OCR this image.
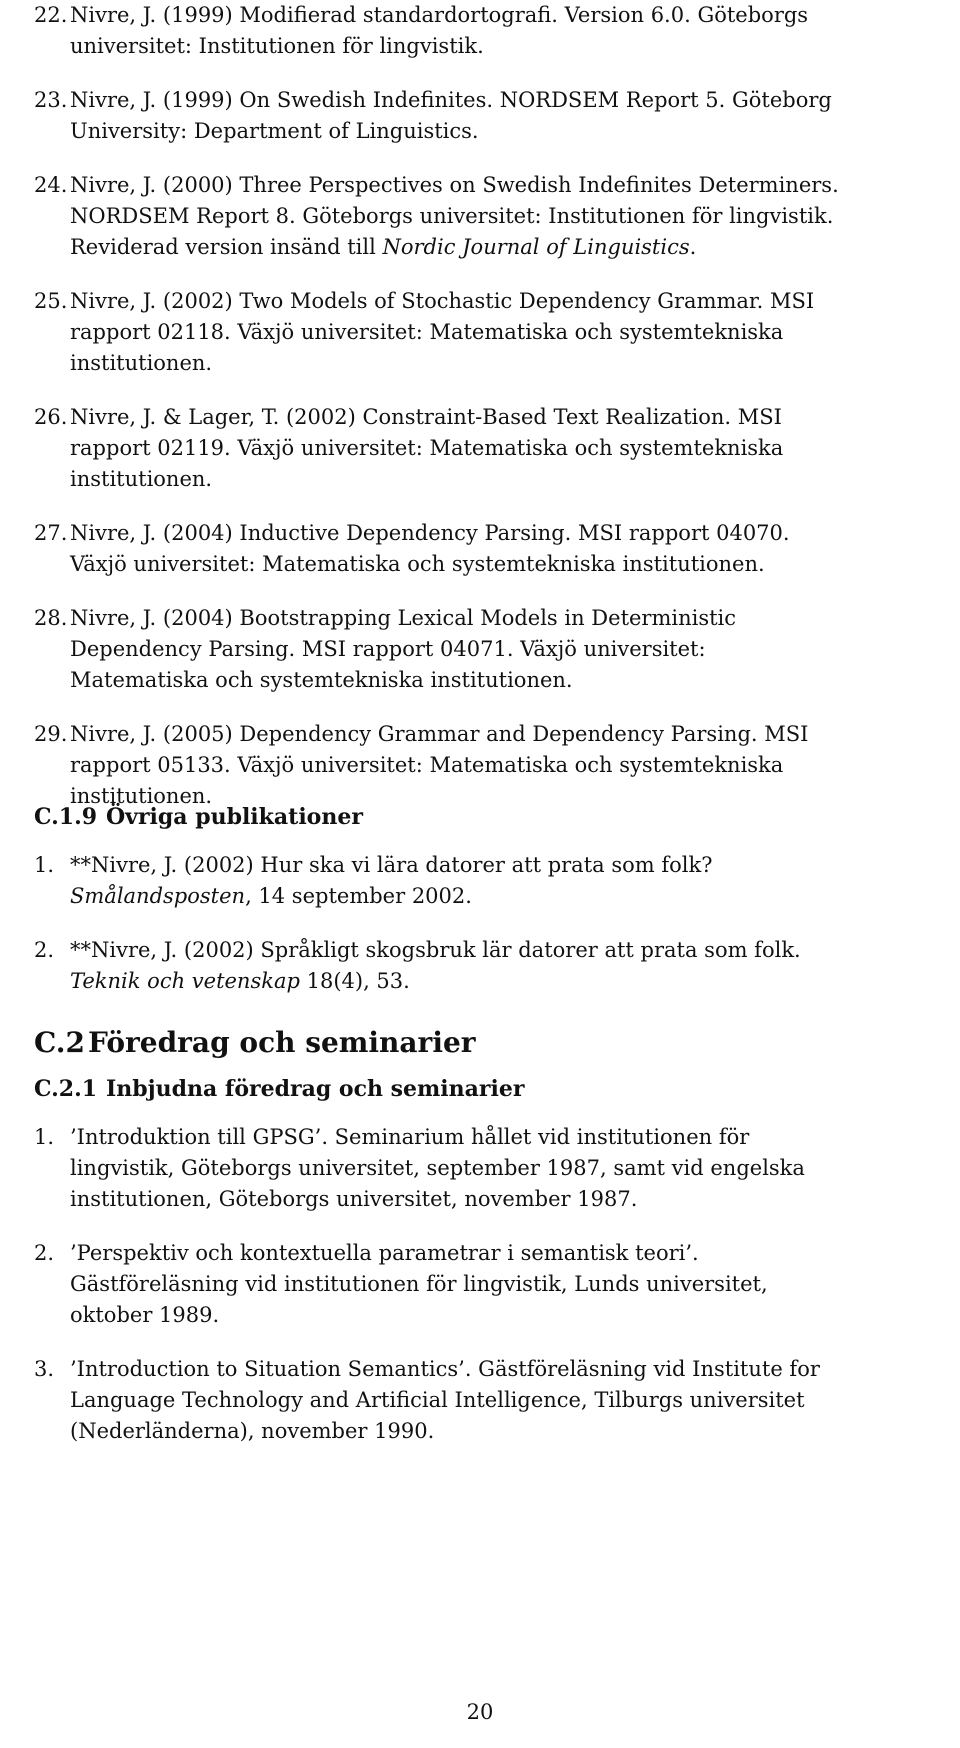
22. Nivre, J. (1999) Modifierad standardortografi. Version 6.0. Göteborgs
universitet: Institutionen för lingvistik.
23. Nivre, J. (1999) On Swedish Indefinites. NORDSEM Report 5. Göteborg
University: Department of Linguistics.
24. Nivre, J. (2000) Three Perspectives on Swedish Indefinites Determiners.
NORDSEM Report 8. Göteborgs universitet: Institutionen för lingvistik.
Reviderad version insänd till Nordic Journal of Linguistics.
25. Nivre, J. (2002) Two Models of Stochastic Dependency Grammar. MSI
rapport 02118. Växjö universitet: Matematiska och systemtekniska
institutionen.
26. Nivre, J. & Lager, T. (2002) Constraint-Based Text Realization. MSI
rapport 02119. Växjö universitet: Matematiska och systemtekniska
institutionen.
27. Nivre, J. (2004) Inductive Dependency Parsing. MSI rapport 04070.
Växjö universitet: Matematiska och systemtekniska institutionen.
28. Nivre, J. (2004) Bootstrapping Lexical Models in Deterministic
Dependency Parsing. MSI rapport 04071. Växjö universitet:
Matematiska och systemtekniska institutionen.
29. Nivre, J. (2005) Dependency Grammar and Dependency Parsing. MSI
rapport 05133. Växjö universitet: Matematiska och systemtekniska
institutionen.
C.1.9 Övriga publikationer
1. **Nivre, J. (2002) Hur ska vi lära datorer att prata som folk?
Smålandsposten, 14 september 2002.
2. **Nivre, J. (2002) Språkligt skogsbruk lär datorer att prata som folk.
Teknik och vetenskap 18(4), 53.
C.2 Föredrag och seminarier
C.2.1 Inbjudna föredrag och seminarier
1. ’Introduktion till GPSG’. Seminarium hållet vid institutionen för
lingvistik, Göteborgs universitet, september 1987, samt vid engelska
institutionen, Göteborgs universitet, november 1987.
2. ’Perspektiv och kontextuella parametrar i semantisk teori’.
Gästföreläsning vid institutionen för lingvistik, Lunds universitet,
oktober 1989.
3. ’Introduction to Situation Semantics’. Gästföreläsning vid Institute for
Language Technology and Artificial Intelligence, Tilburgs universitet
(Nederländerna), november 1990.
20
